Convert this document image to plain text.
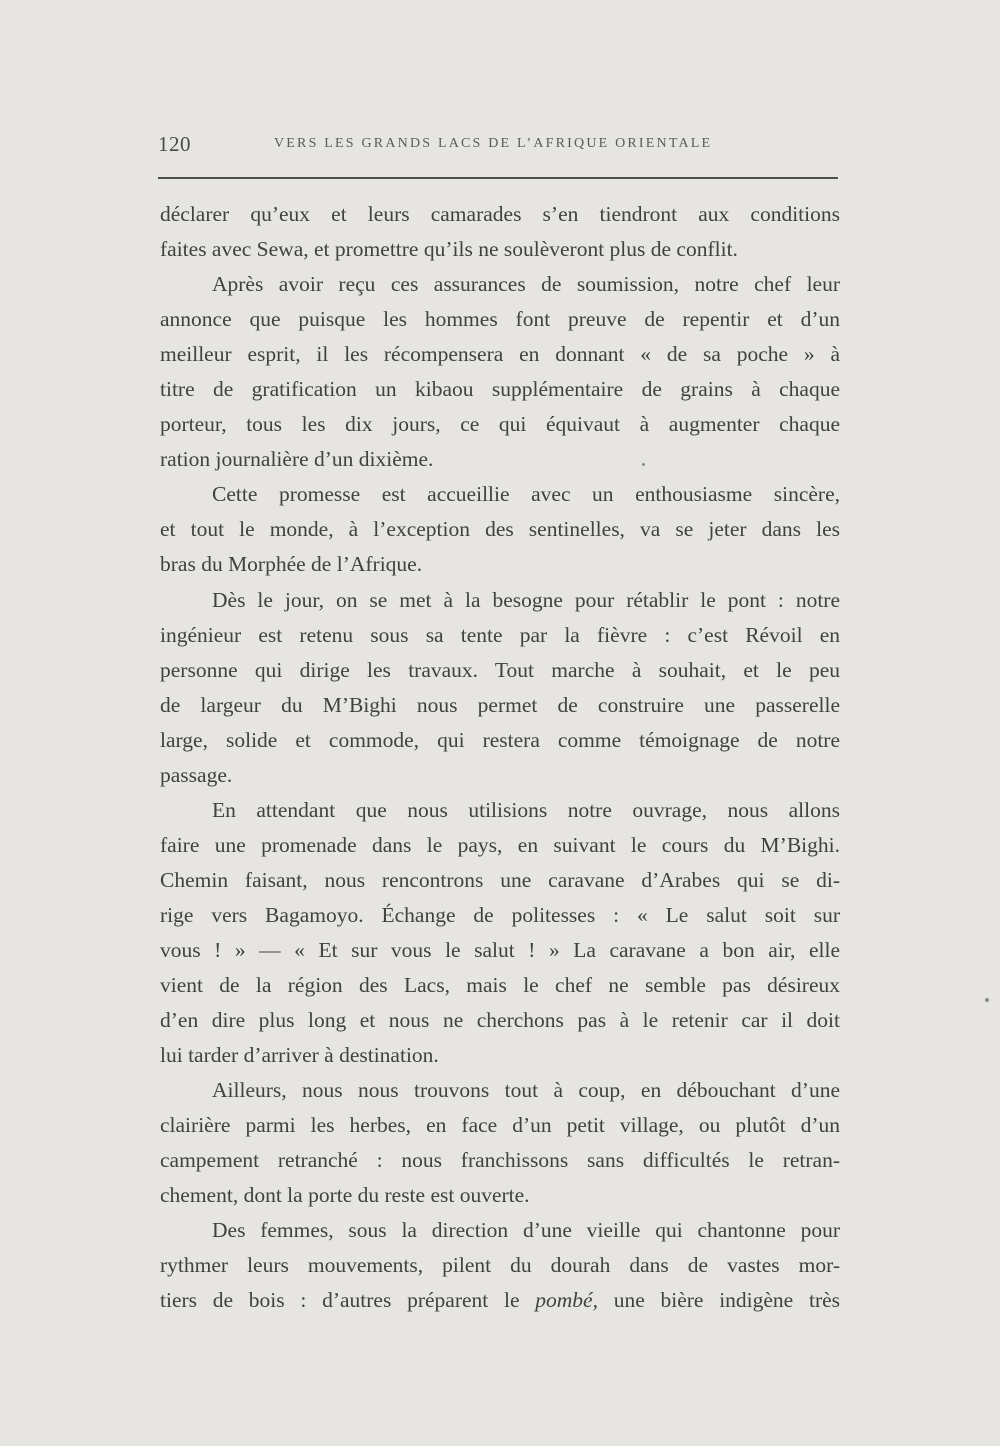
120	VERS LES GRANDS LACS DE L’AFRIQUE ORIENTALE
déclarer qu’eux et leurs camarades s’en tiendront aux conditions
faites avec Sewa, et promettre qu’ils ne soulèveront plus de conflit.
Après avoir reçu ces assurances de soumission, notre chef leur
annonce que puisque les hommes font preuve de repentir et d’un
meilleur esprit, il les récompensera en donnant « de sa poche » à
titre de gratification un kibaou supplémentaire de grains à chaque
porteur, tous les dix jours, ce qui équivaut à augmenter chaque
ration journalière d’un dixième.
Cette promesse est accueillie avec un enthousiasme sincère,
et tout le monde, à l’exception des sentinelles, va se jeter dans les
bras du Morphée de l’Afrique.
Dès le jour, on se met à la besogne pour rétablir le pont : notre
ingénieur est retenu sous sa tente par la fièvre : c’est Révoil en
personne qui dirige les travaux. Tout marche à souhait, et le peu
de largeur du M’Bighi nous permet de construire une passerelle
large, solide et commode, qui restera comme témoignage de notre
passage.
En attendant que nous utilisions notre ouvrage, nous allons
faire une promenade dans le pays, en suivant le cours du M’Bighi.
Chemin faisant, nous rencontrons une caravane d’Arabes qui se di-
rige vers Bagamoyo. Échange de politesses : « Le salut soit sur
vous ! » — « Et sur vous le salut ! » La caravane a bon air, elle
vient de la région des Lacs, mais le chef ne semble pas désireux
d’en dire plus long et nous ne cherchons pas à le retenir car il doit
lui tarder d’arriver à destination.
Ailleurs, nous nous trouvons tout à coup, en débouchant d’une
clairière parmi les herbes, en face d’un petit village, ou plutôt d’un
campement retranché : nous franchissons sans difficultés le retran-
chement, dont la porte du reste est ouverte.
Des femmes, sous la direction d’une vieille qui chantonne pour
rythmer leurs mouvements, pilent du dourah dans de vastes mor-
tiers de bois : d’autres préparent le pombé, une bière indigène très
